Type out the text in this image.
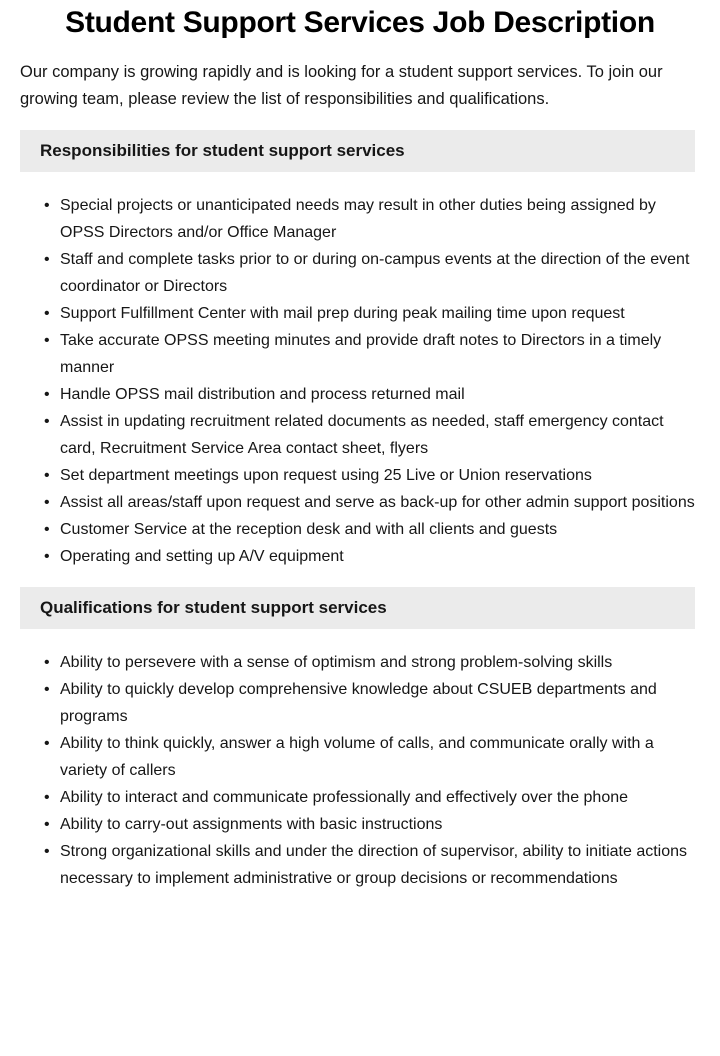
Student Support Services Job Description

Our company is growing rapidly and is looking for a student support services. To join our growing team, please review the list of responsibilities and qualifications.

Responsibilities for student support services
• Special projects or unanticipated needs may result in other duties being assigned by OPSS Directors and/or Office Manager
• Staff and complete tasks prior to or during on-campus events at the direction of the event coordinator or Directors
• Support Fulfillment Center with mail prep during peak mailing time upon request
• Take accurate OPSS meeting minutes and provide draft notes to Directors in a timely manner
• Handle OPSS mail distribution and process returned mail
• Assist in updating recruitment related documents as needed, staff emergency contact card, Recruitment Service Area contact sheet, flyers
• Set department meetings upon request using 25 Live or Union reservations
• Assist all areas/staff upon request and serve as back-up for other admin support positions
• Customer Service at the reception desk and with all clients and guests
• Operating and setting up A/V equipment
Qualifications for student support services
• Ability to persevere with a sense of optimism and strong problem-solving skills
• Ability to quickly develop comprehensive knowledge about CSUEB departments and programs
• Ability to think quickly, answer a high volume of calls, and communicate orally with a variety of callers
• Ability to interact and communicate professionally and effectively over the phone
• Ability to carry-out assignments with basic instructions
• Strong organizational skills and under the direction of supervisor, ability to initiate actions necessary to implement administrative or group decisions or recommendations
